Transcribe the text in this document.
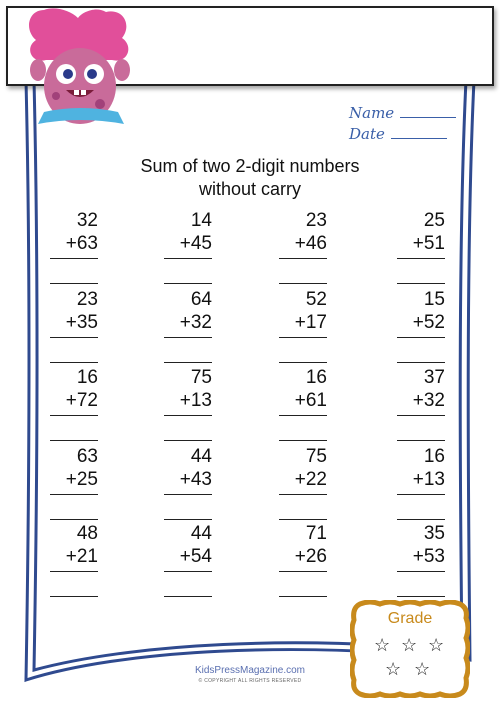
Name
Date
Sum of two 2-digit numbers
without carry
32
+63
14
+45
23
+46
25
+51
23
+35
64
+32
52
+17
15
+52
16
+72
75
+13
16
+61
37
+32
63
+25
44
+43
75
+22
16
+13
48
+21
44
+54
71
+26
35
+53
Grade
☆ ☆ ☆
☆ ☆
KidsPressMagazine.com
© COPYRIGHT ALL RIGHTS RESERVED
